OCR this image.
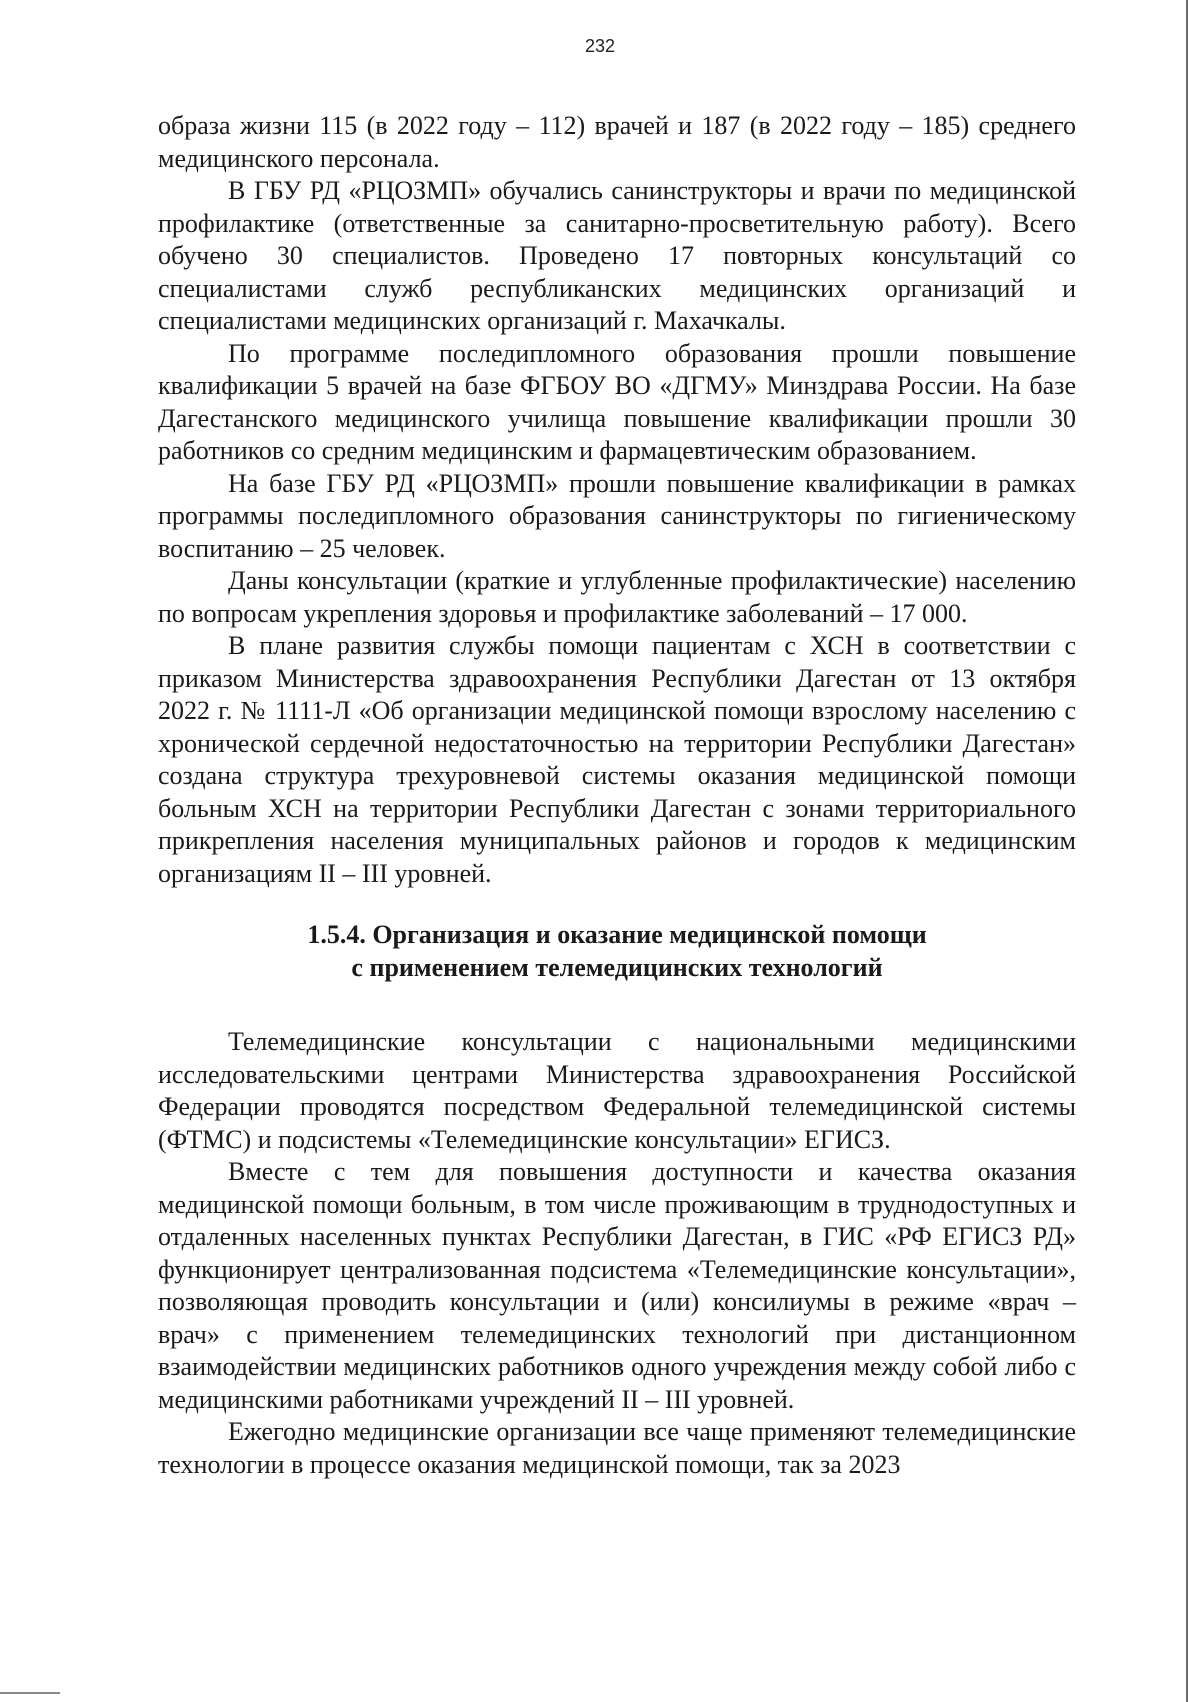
232

образа жизни 115 (в 2022 году – 112) врачей и 187 (в 2022 году – 185) среднего медицинского персонала.

В ГБУ РД «РЦОЗМП» обучались санинструкторы и врачи по медицинской профилактике (ответственные за санитарно-просветительную работу). Всего обучено 30 специалистов. Проведено 17 повторных консультаций со специалистами служб республиканских медицинских организаций и специалистами медицинских организаций г. Махачкалы.

По программе последипломного образования прошли повышение квалификации 5 врачей на базе ФГБОУ ВО «ДГМУ» Минздрава России. На базе Дагестанского медицинского училища повышение квалификации прошли 30 работников со средним медицинским и фармацевтическим образованием.

На базе ГБУ РД «РЦОЗМП» прошли повышение квалификации в рамках программы последипломного образования санинструкторы по гигиеническому воспитанию – 25 человек.

Даны консультации (краткие и углубленные профилактические) населению по вопросам укрепления здоровья и профилактике заболеваний – 17 000.

В плане развития службы помощи пациентам с ХСН в соответствии с приказом Министерства здравоохранения Республики Дагестан от 13 октября 2022 г. № 1111-Л «Об организации медицинской помощи взрослому населению с хронической сердечной недостаточностью на территории Республики Дагестан» создана структура трехуровневой системы оказания медицинской помощи больным ХСН на территории Республики Дагестан с зонами территориального прикрепления населения муниципальных районов и городов к медицинским организациям II – III уровней.

1.5.4. Организация и оказание медицинской помощи
с применением телемедицинских технологий

Телемедицинские консультации с национальными медицинскими исследовательскими центрами Министерства здравоохранения Российской Федерации проводятся посредством Федеральной телемедицинской системы (ФТМС) и подсистемы «Телемедицинские консультации» ЕГИСЗ.

Вместе с тем для повышения доступности и качества оказания медицинской помощи больным, в том числе проживающим в труднодоступных и отдаленных населенных пунктах Республики Дагестан, в ГИС «РФ ЕГИСЗ РД» функционирует централизованная подсистема «Телемедицинские консультации», позволяющая проводить консультации и (или) консилиумы в режиме «врач – врач» с применением телемедицинских технологий при дистанционном взаимодействии медицинских работников одного учреждения между собой либо с медицинскими работниками учреждений II – III уровней.

Ежегодно медицинские организации все чаще применяют телемедицинские технологии в процессе оказания медицинской помощи, так за 2023
